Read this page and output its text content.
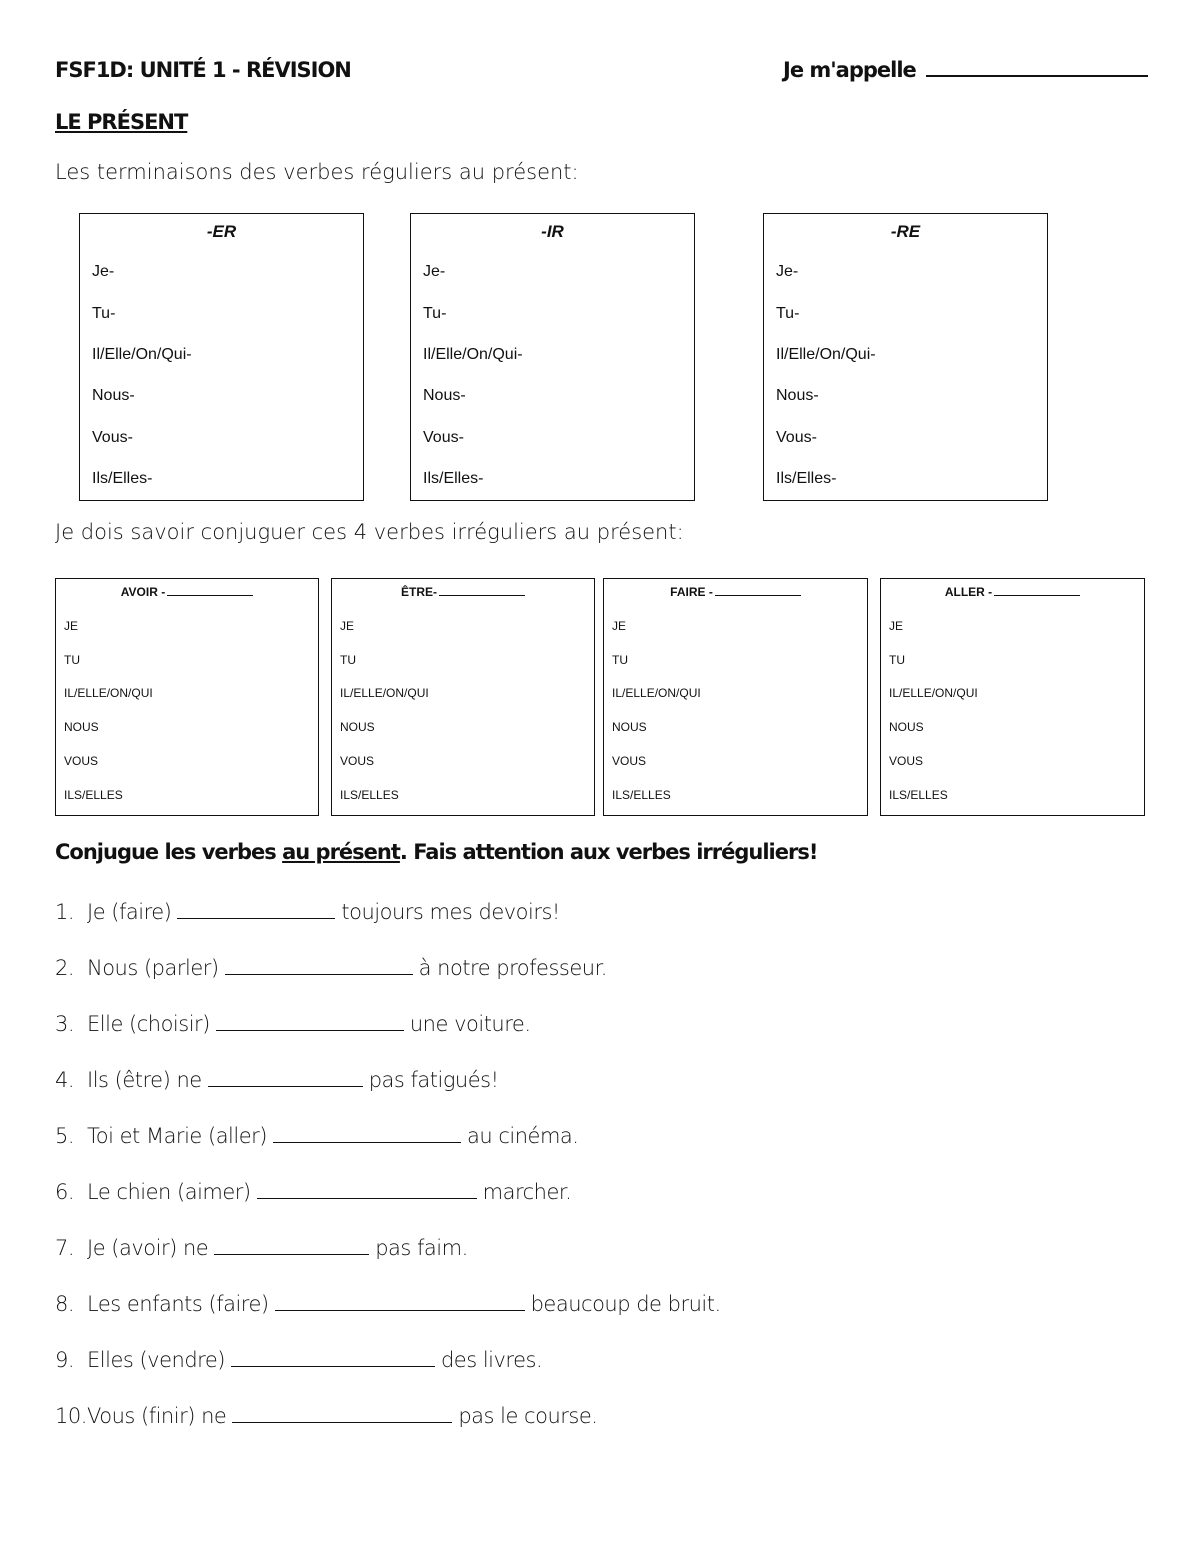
FSF1D: UNITÉ 1 - RÉVISION	Je m'appelle
LE PRÉSENT
Les terminaisons des verbes réguliers au présent:
-ER
Je-
Tu-
Il/Elle/On/Qui-
Nous-
Vous-
Ils/Elles-
-IR
Je-
Tu-
Il/Elle/On/Qui-
Nous-
Vous-
Ils/Elles-
-RE
Je-
Tu-
Il/Elle/On/Qui-
Nous-
Vous-
Ils/Elles-
Je dois savoir conjuguer ces 4 verbes irréguliers au présent:
AVOIR -
JE
TU
IL/ELLE/ON/QUI
NOUS
VOUS
ILS/ELLES
ÊTRE-
JE
TU
IL/ELLE/ON/QUI
NOUS
VOUS
ILS/ELLES
FAIRE -
JE
TU
IL/ELLE/ON/QUI
NOUS
VOUS
ILS/ELLES
ALLER -
JE
TU
IL/ELLE/ON/QUI
NOUS
VOUS
ILS/ELLES
Conjugue les verbes au présent. Fais attention aux verbes irréguliers!
1. Je (faire)	toujours mes devoirs!
2. Nous (parler)	à notre professeur.
3. Elle (choisir)	une voiture.
4. Ils (être) ne	pas fatigués!
5. Toi et Marie (aller)	au cinéma.
6. Le chien (aimer)	marcher.
7. Je (avoir) ne	pas faim.
8. Les enfants (faire)	beaucoup de bruit.
9. Elles (vendre)	des livres.
10.Vous (finir) ne	pas le course.
